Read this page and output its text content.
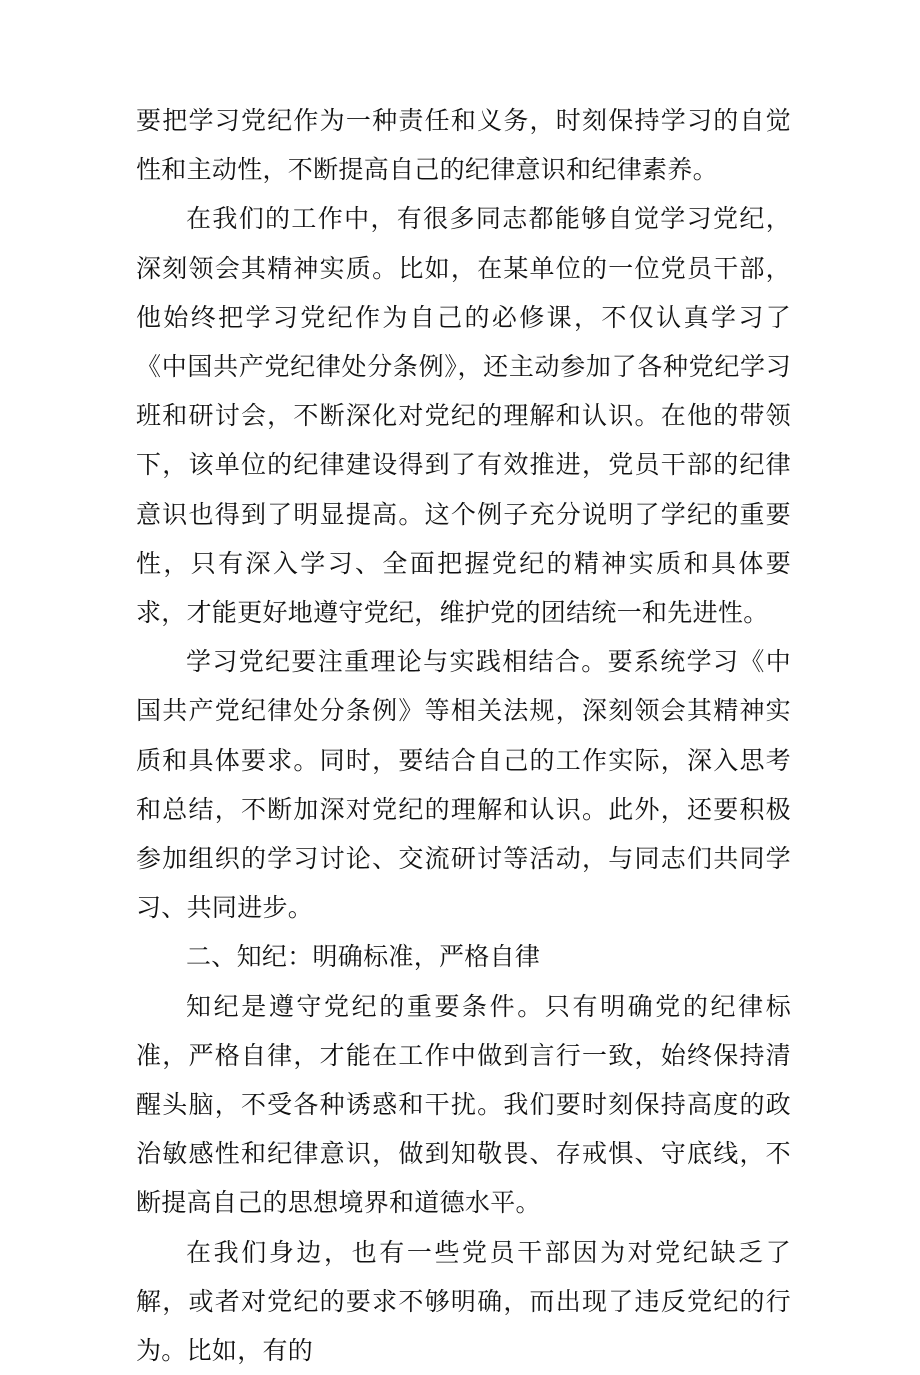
要把学习党纪作为一种责任和义务，时刻保持学习的自觉性和主动性，不断提高自己的纪律意识和纪律素养。

在我们的工作中，有很多同志都能够自觉学习党纪，深刻领会其精神实质。比如，在某单位的一位党员干部，他始终把学习党纪作为自己的必修课，不仅认真学习了《中国共产党纪律处分条例》，还主动参加了各种党纪学习班和研讨会，不断深化对党纪的理解和认识。在他的带领下，该单位的纪律建设得到了有效推进，党员干部的纪律意识也得到了明显提高。这个例子充分说明了学纪的重要性，只有深入学习、全面把握党纪的精神实质和具体要求，才能更好地遵守党纪，维护党的团结统一和先进性。

学习党纪要注重理论与实践相结合。要系统学习《中国共产党纪律处分条例》等相关法规，深刻领会其精神实质和具体要求。同时，要结合自己的工作实际，深入思考和总结，不断加深对党纪的理解和认识。此外，还要积极参加组织的学习讨论、交流研讨等活动，与同志们共同学习、共同进步。

二、知纪：明确标准，严格自律

知纪是遵守党纪的重要条件。只有明确党的纪律标准，严格自律，才能在工作中做到言行一致，始终保持清醒头脑，不受各种诱惑和干扰。我们要时刻保持高度的政治敏感性和纪律意识，做到知敬畏、存戒惧、守底线，不断提高自己的思想境界和道德水平。

在我们身边，也有一些党员干部因为对党纪缺乏了解，或者对党纪的要求不够明确，而出现了违反党纪的行为。比如，有的
